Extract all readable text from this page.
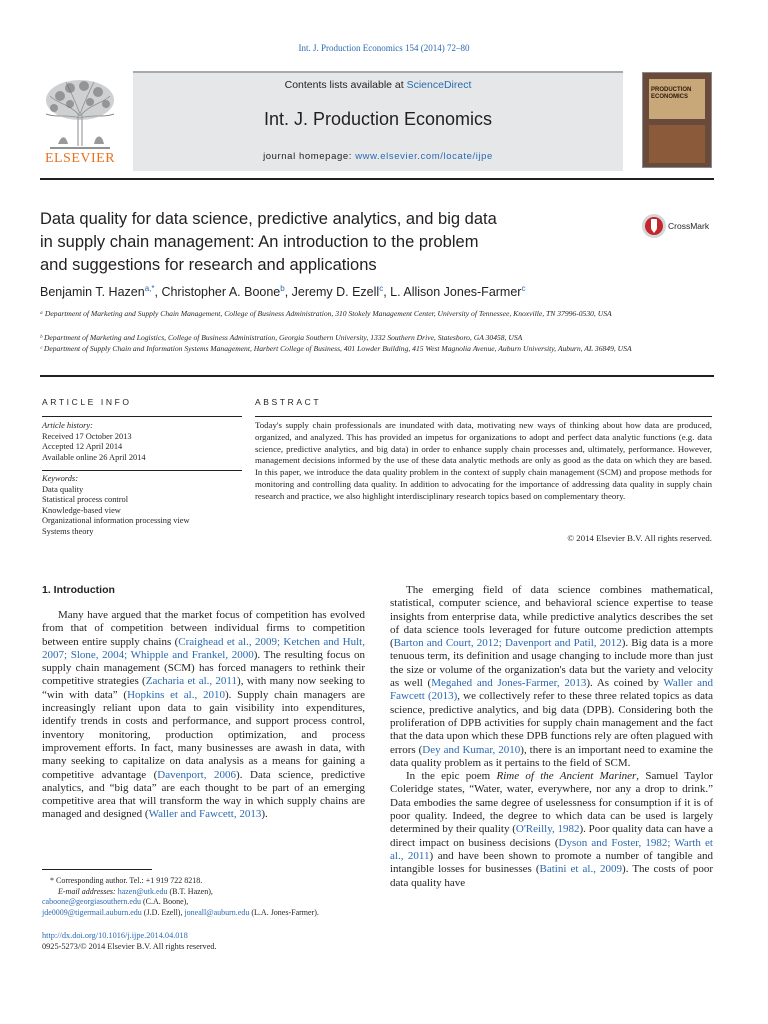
Int. J. Production Economics 154 (2014) 72–80
ELSEVIER
Contents lists available at ScienceDirect
Int. J. Production Economics
journal homepage: www.elsevier.com/locate/ijpe
PRODUCTION ECONOMICS
Data quality for data science, predictive analytics, and big data
in supply chain management: An introduction to the problem
and suggestions for research and applications
CrossMark
Benjamin T. Hazen$^{a,*}$, Christopher A. Boone$^b$, Jeremy D. Ezell$^c$, L. Allison Jones-Farmer$^c$
ᵃ Department of Marketing and Supply Chain Management, College of Business Administration, 310 Stokely Management Center, University of Tennessee, Knoxville, TN 37996-0530, USA
ᵇ Department of Marketing and Logistics, College of Business Administration, Georgia Southern University, 1332 Southern Drive, Statesboro, GA 30458, USA
ᶜ Department of Supply Chain and Information Systems Management, Harbert College of Business, 401 Lowder Building, 415 West Magnolia Avenue, Auburn University, Auburn, AL 36849, USA
ARTICLE INFO	ABSTRACT
Article history:
Received 17 October 2013
Accepted 12 April 2014
Available online 26 April 2014
Keywords:
Data quality
Statistical process control
Knowledge-based view
Organizational information processing view
Systems theory
Today's supply chain professionals are inundated with data, motivating new ways of thinking about how data are produced, organized, and analyzed. This has provided an impetus for organizations to adopt and perfect data analytic functions (e.g. data science, predictive analytics, and big data) in order to enhance supply chain processes and, ultimately, performance. However, management decisions informed by the use of these data analytic methods are only as good as the data on which they are based. In this paper, we introduce the data quality problem in the context of supply chain management (SCM) and propose methods for monitoring and controlling data quality. In addition to advocating for the importance of addressing data quality in supply chain research and practice, we also highlight interdisciplinary research topics based on complementary theory.
© 2014 Elsevier B.V. All rights reserved.
1. Introduction

Many have argued that the market focus of competition has evolved from that of competition between individual firms to competition between entire supply chains (Craighead et al., 2009; Ketchen and Hult, 2007; Slone, 2004; Whipple and Frankel, 2000). The resulting focus on supply chain management (SCM) has forced managers to rethink their competitive strategies (Zacharia et al., 2011), with many now seeking to “win with data” (Hopkins et al., 2010). Supply chain managers are increasingly reliant upon data to gain visibility into expenditures, identify trends in costs and performance, and support process control, inventory monitoring, production optimization, and process improvement efforts. In fact, many businesses are awash in data, with many seeking to capitalize on data analysis as a means for gaining a competitive advantage (Davenport, 2006). Data science, predictive analytics, and “big data” are each thought to be part of an emerging competitive area that will transform the way in which supply chains are managed and designed (Waller and Fawcett, 2013).

The emerging field of data science combines mathematical, statistical, computer science, and behavioral science expertise to tease insights from enterprise data, while predictive analytics describes the set of data science tools leveraged for future outcome prediction attempts (Barton and Court, 2012; Davenport and Patil, 2012). Big data is a more tenuous term, its definition and usage changing to include more than just the size or volume of the organization's data but the variety and velocity as well (Megahed and Jones-Farmer, 2013). As coined by Waller and Fawcett (2013), we collectively refer to these three related topics as data science, predictive analytics, and big data (DPB). Considering both the proliferation of DPB activities for supply chain management and the fact that the data upon which these DPB functions rely are often plagued with errors (Dey and Kumar, 2010), there is an important need to examine the data quality problem as it pertains to the field of SCM.

In the epic poem Rime of the Ancient Mariner, Samuel Taylor Coleridge states, “Water, water, everywhere, nor any a drop to drink.” Data embodies the same degree of uselessness for consumption if it is of poor quality. Indeed, the degree to which data can be used is largely determined by their quality (O'Reilly, 1982). Poor quality data can have a direct impact on business decisions (Dyson and Foster, 1982; Warth et al., 2011) and have been shown to promote a number of tangible and intangible losses for businesses (Batini et al., 2009). The costs of poor data quality have

* Corresponding author. Tel.: +1 919 722 8218.
E-mail addresses: hazen@utk.edu (B.T. Hazen),
caboone@georgiasouthern.edu (C.A. Boone),
jde0009@tigermail.auburn.edu (J.D. Ezell), joneall@auburn.edu (L.A. Jones-Farmer).
http://dx.doi.org/10.1016/j.ijpe.2014.04.018
0925-5273/© 2014 Elsevier B.V. All rights reserved.
